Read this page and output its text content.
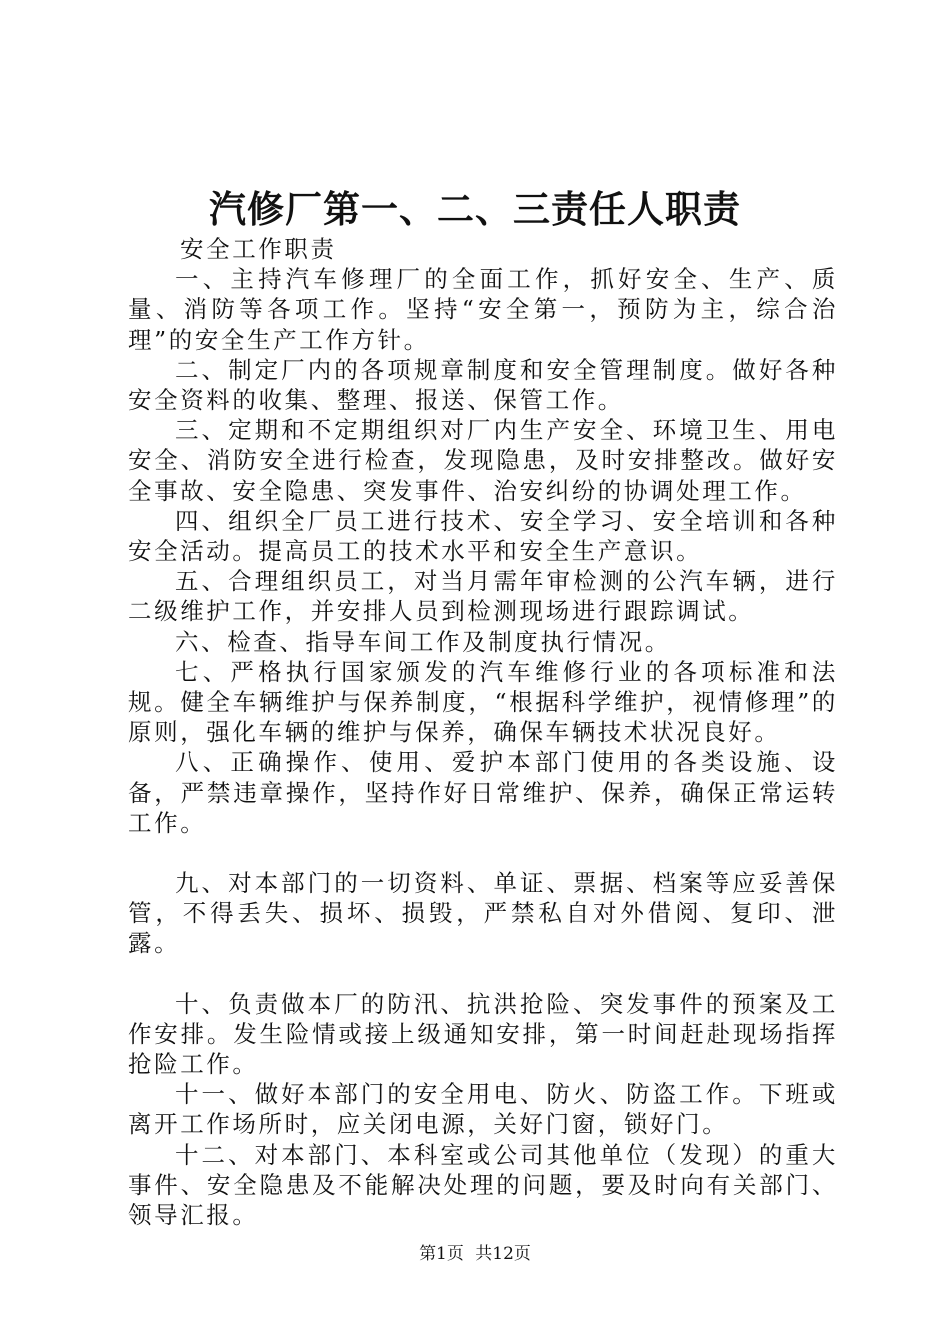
汽修厂第一、二、三责任人职责

安全工作职责

一、主持汽车修理厂的全面工作，抓好安全、生产、质量、消防等各项工作。坚持“安全第一，预防为主，综合治理”的安全生产工作方针。

二、制定厂内的各项规章制度和安全管理制度。做好各种安全资料的收集、整理、报送、保管工作。

三、定期和不定期组织对厂内生产安全、环境卫生、用电安全、消防安全进行检查，发现隐患，及时安排整改。做好安全事故、安全隐患、突发事件、治安纠纷的协调处理工作。

四、组织全厂员工进行技术、安全学习、安全培训和各种安全活动。提高员工的技术水平和安全生产意识。

五、合理组织员工，对当月需年审检测的公汽车辆，进行二级维护工作，并安排人员到检测现场进行跟踪调试。

六、检查、指导车间工作及制度执行情况。

七、严格执行国家颁发的汽车维修行业的各项标准和法规。健全车辆维护与保养制度，“根据科学维护，视情修理”的原则，强化车辆的维护与保养，确保车辆技术状况良好。

八、正确操作、使用、爱护本部门使用的各类设施、设备，严禁违章操作，坚持作好日常维护、保养，确保正常运转工作。

九、对本部门的一切资料、单证、票据、档案等应妥善保管，不得丢失、损坏、损毁，严禁私自对外借阅、复印、泄露。

十、负责做本厂的防汛、抗洪抢险、突发事件的预案及工作安排。发生险情或接上级通知安排，第一时间赶赴现场指挥抢险工作。

十一、做好本部门的安全用电、防火、防盗工作。下班或离开工作场所时，应关闭电源，关好门窗，锁好门。

十二、对本部门、本科室或公司其他单位（发现）的重大事件、安全隐患及不能解决处理的问题，要及时向有关部门、领导汇报。

第1页 共12页
